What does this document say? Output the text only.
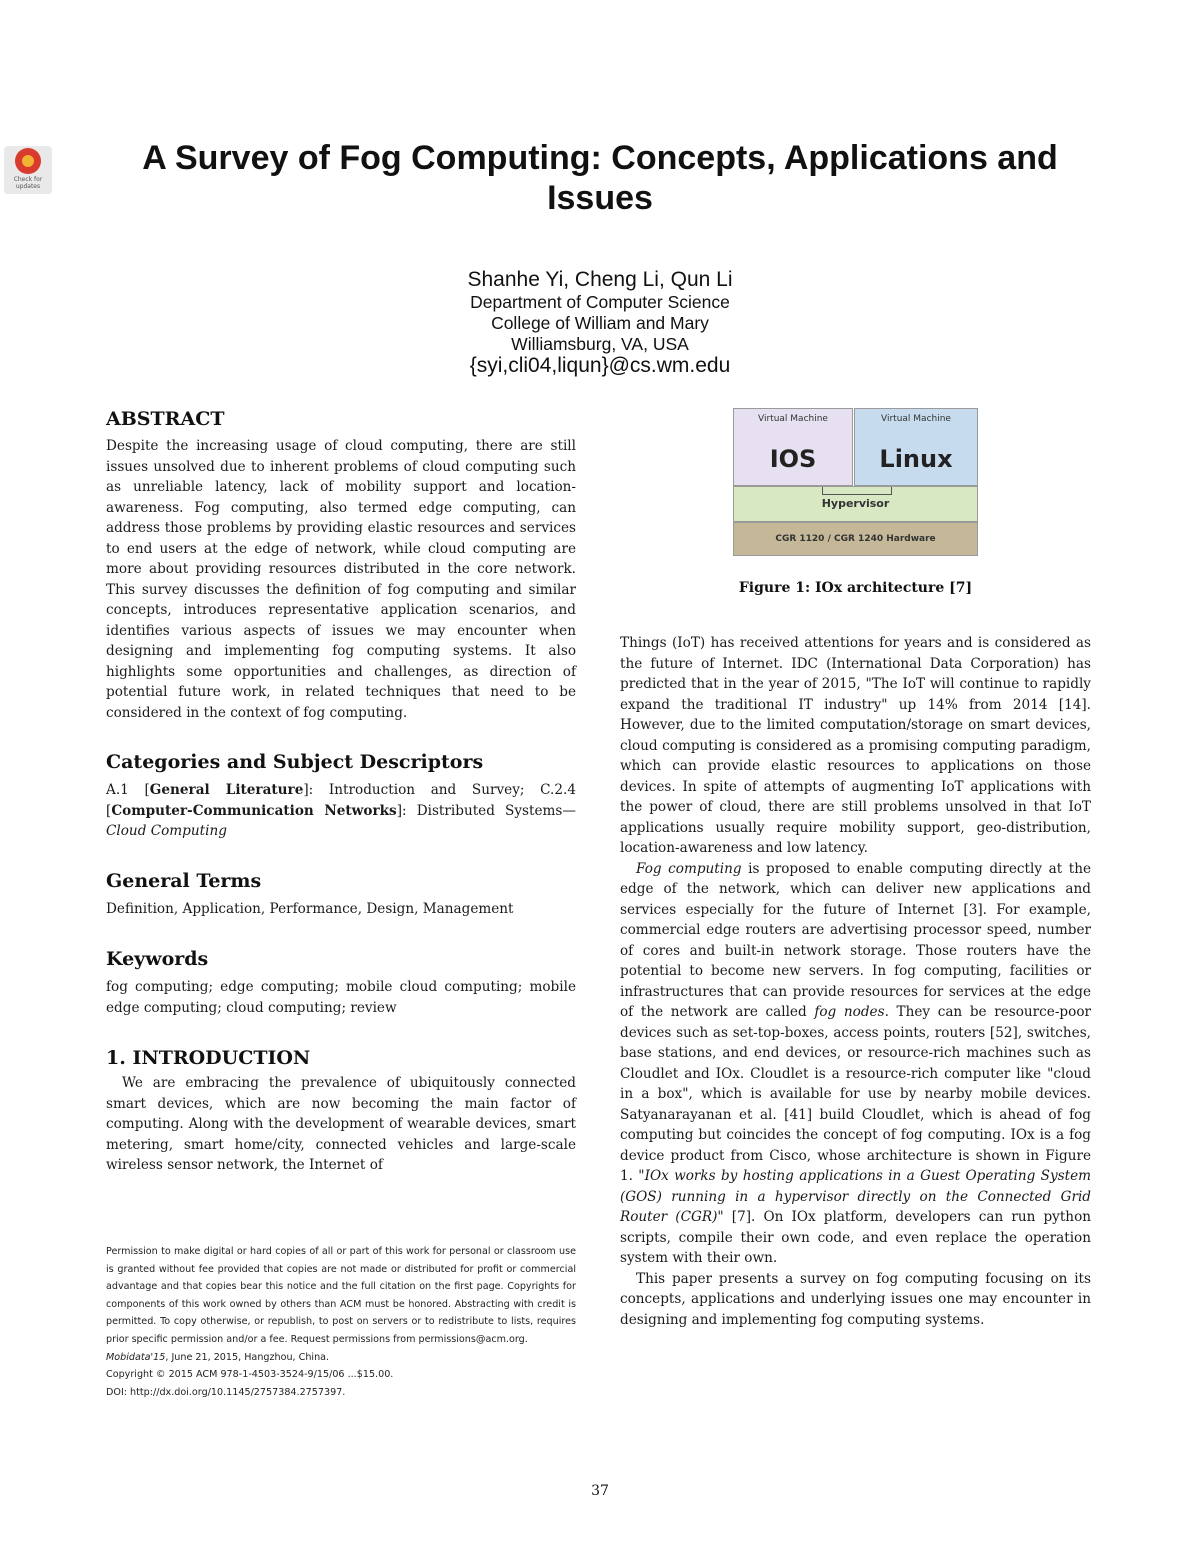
Check for updates
A Survey of Fog Computing: Concepts, Applications and Issues
Shanhe Yi, Cheng Li, Qun Li
Department of Computer Science
College of William and Mary
Williamsburg, VA, USA
{syi,cli04,liqun}@cs.wm.edu
ABSTRACT

Despite the increasing usage of cloud computing, there are still issues unsolved due to inherent problems of cloud computing such as unreliable latency, lack of mobility support and location-awareness. Fog computing, also termed edge computing, can address those problems by providing elastic resources and services to end users at the edge of network, while cloud computing are more about providing resources distributed in the core network. This survey discusses the definition of fog computing and similar concepts, introduces representative application scenarios, and identifies various aspects of issues we may encounter when designing and implementing fog computing systems. It also highlights some opportunities and challenges, as direction of potential future work, in related techniques that need to be considered in the context of fog computing.

Categories and Subject Descriptors

A.1 [General Literature]: Introduction and Survey; C.2.4 [Computer-Communication Networks]: Distributed Systems—Cloud Computing

General Terms

Definition, Application, Performance, Design, Management

Keywords

fog computing; edge computing; mobile cloud computing; mobile edge computing; cloud computing; review

1. INTRODUCTION

We are embracing the prevalence of ubiquitously connected smart devices, which are now becoming the main factor of computing. Along with the development of wearable devices, smart metering, smart home/city, connected vehicles and large-scale wireless sensor network, the Internet of

Permission to make digital or hard copies of all or part of this work for personal or classroom use is granted without fee provided that copies are not made or distributed for profit or commercial advantage and that copies bear this notice and the full citation on the first page. Copyrights for components of this work owned by others than ACM must be honored. Abstracting with credit is permitted. To copy otherwise, or republish, to post on servers or to redistribute to lists, requires prior specific permission and/or a fee. Request permissions from permissions@acm.org.
Mobidata'15, June 21, 2015, Hangzhou, China.
Copyright © 2015 ACM 978-1-4503-3524-9/15/06 ...$15.00.
DOI: http://dx.doi.org/10.1145/2757384.2757397.
Virtual Machine
IOS
Virtual Machine
Linux
Hypervisor
CGR 1120 / CGR 1240 Hardware
Figure 1: IOx architecture [7]

Things (IoT) has received attentions for years and is considered as the future of Internet. IDC (International Data Corporation) has predicted that in the year of 2015, "The IoT will continue to rapidly expand the traditional IT industry" up 14% from 2014 [14]. However, due to the limited computation/storage on smart devices, cloud computing is considered as a promising computing paradigm, which can provide elastic resources to applications on those devices. In spite of attempts of augmenting IoT applications with the power of cloud, there are still problems unsolved in that IoT applications usually require mobility support, geo-distribution, location-awareness and low latency.

Fog computing is proposed to enable computing directly at the edge of the network, which can deliver new applications and services especially for the future of Internet [3]. For example, commercial edge routers are advertising processor speed, number of cores and built-in network storage. Those routers have the potential to become new servers. In fog computing, facilities or infrastructures that can provide resources for services at the edge of the network are called fog nodes. They can be resource-poor devices such as set-top-boxes, access points, routers [52], switches, base stations, and end devices, or resource-rich machines such as Cloudlet and IOx. Cloudlet is a resource-rich computer like "cloud in a box", which is available for use by nearby mobile devices. Satyanarayanan et al. [41] build Cloudlet, which is ahead of fog computing but coincides the concept of fog computing. IOx is a fog device product from Cisco, whose architecture is shown in Figure 1. "IOx works by hosting applications in a Guest Operating System (GOS) running in a hypervisor directly on the Connected Grid Router (CGR)" [7]. On IOx platform, developers can run python scripts, compile their own code, and even replace the operation system with their own.

This paper presents a survey on fog computing focusing on its concepts, applications and underlying issues one may encounter in designing and implementing fog computing systems.

37
